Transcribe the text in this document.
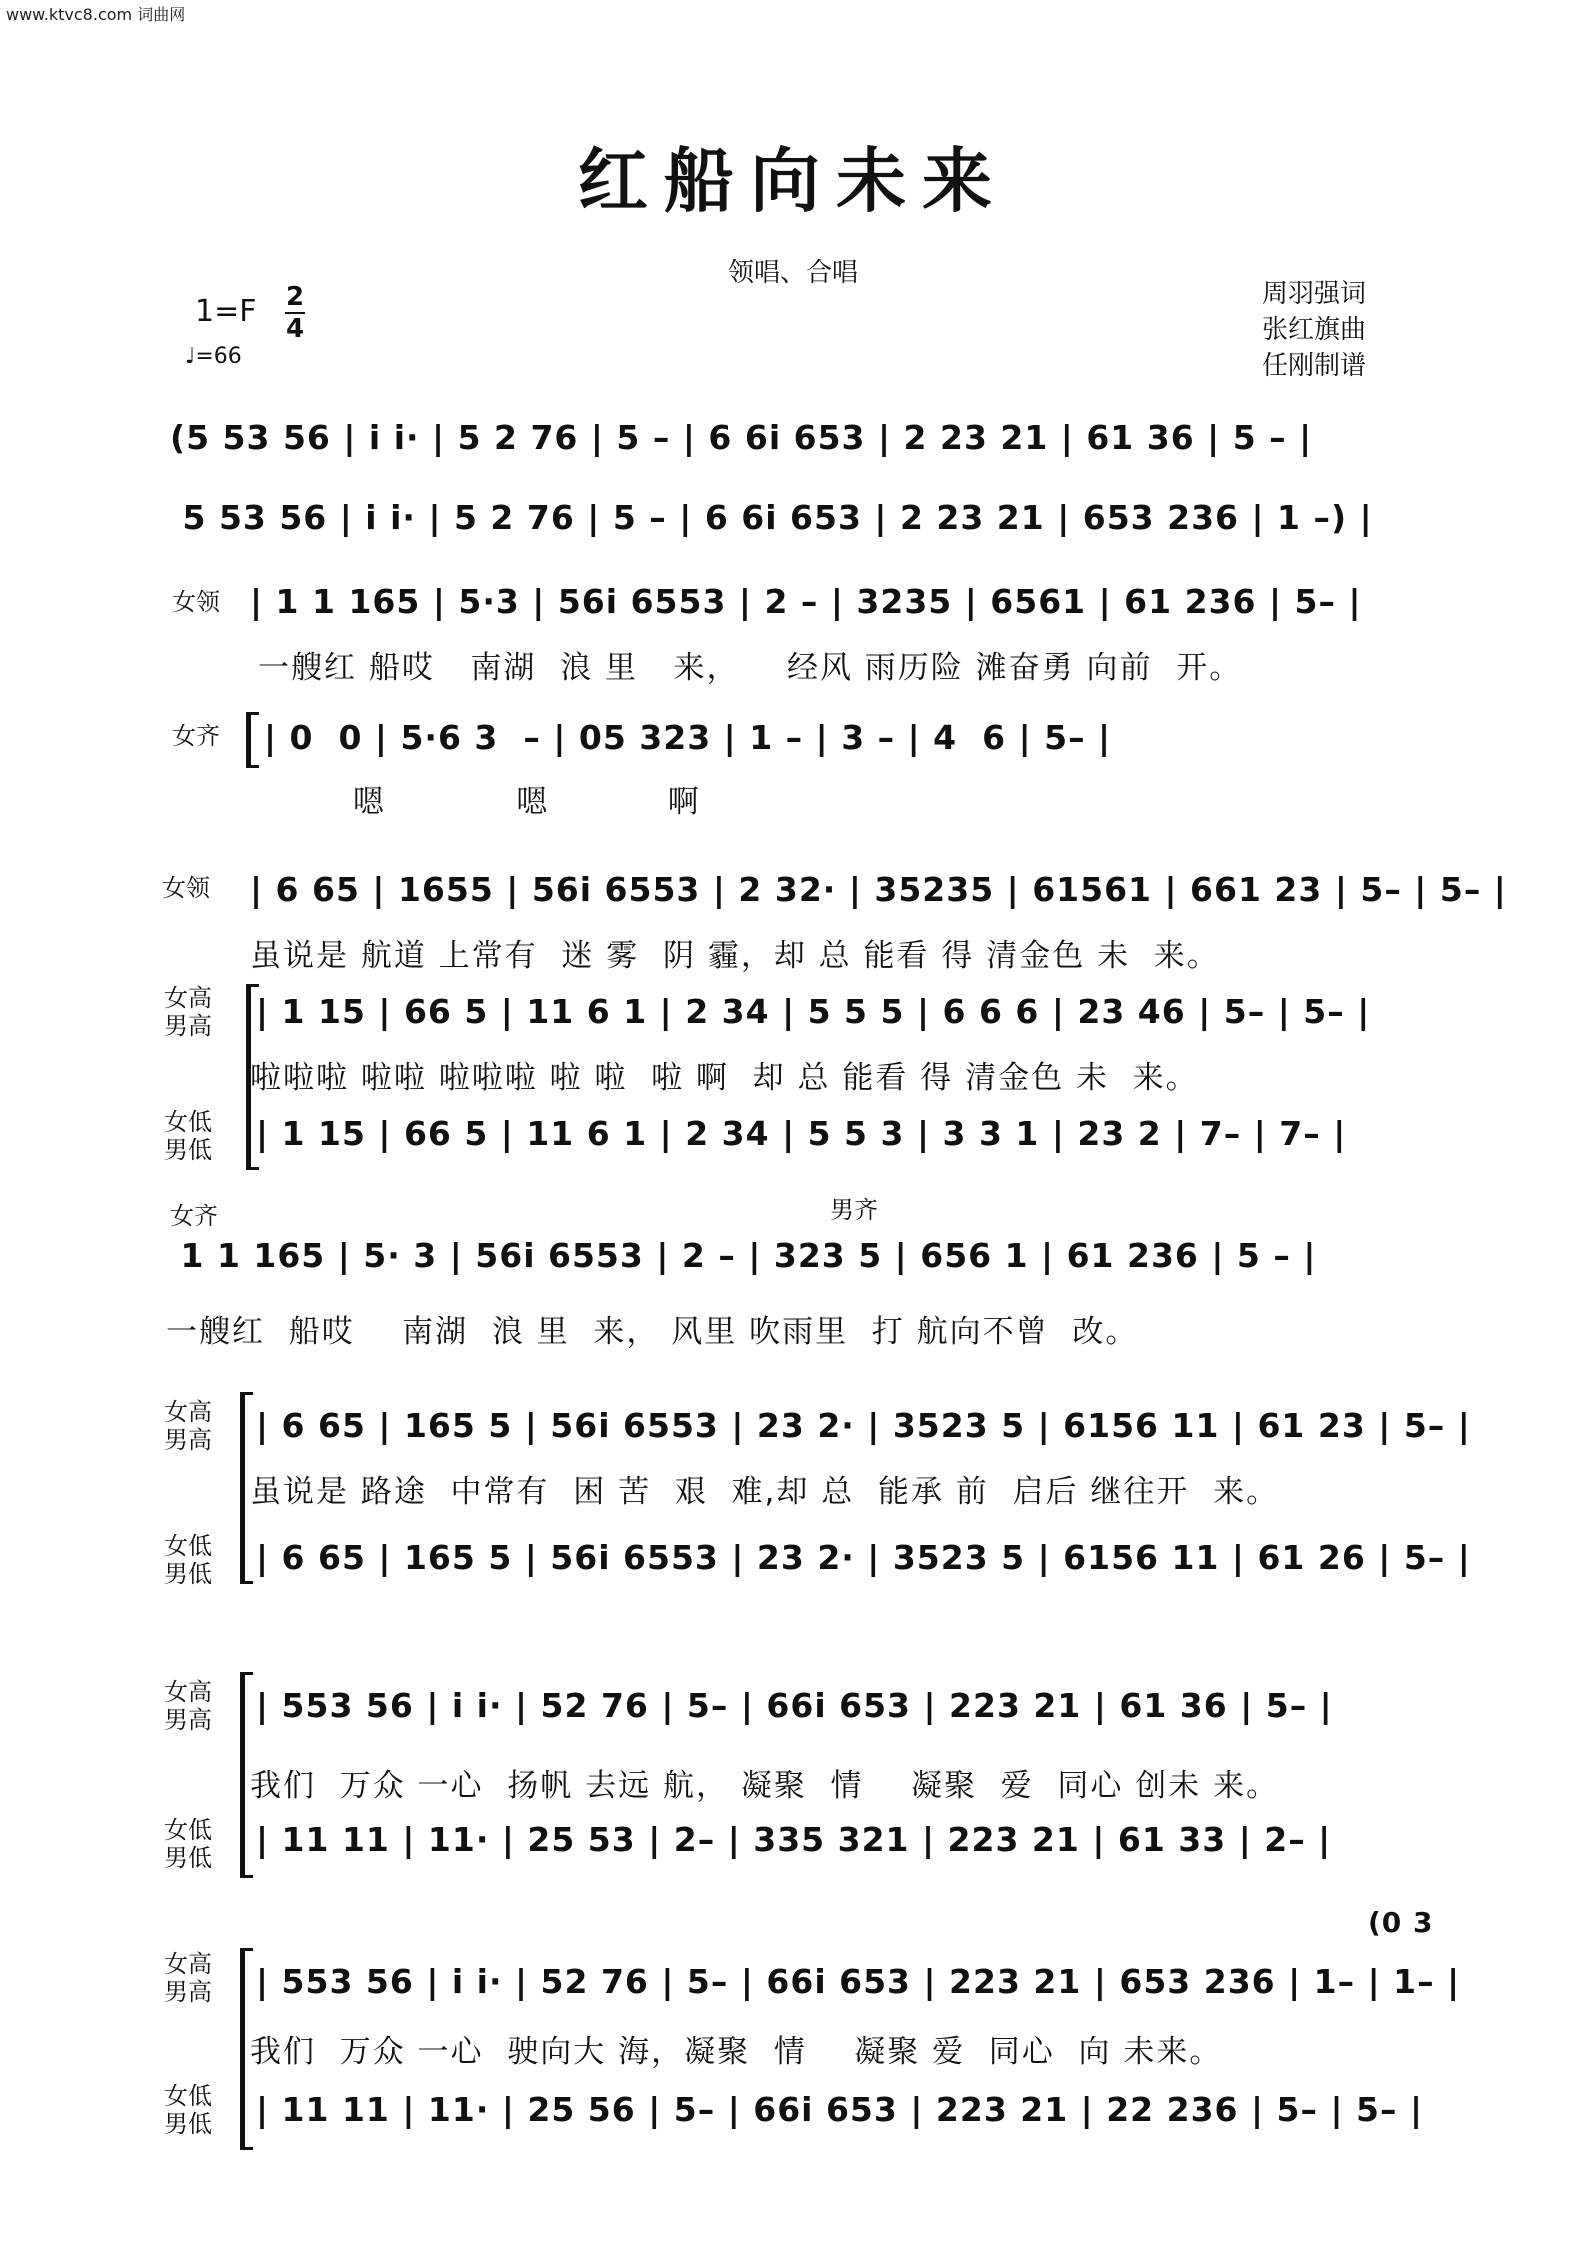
www.ktvc8.com 词曲网
红船向未来
领唱、合唱
周羽强词
张红旗曲
任刚制谱
1=F 2
4
♩=66
(5 53 56 | i i· | 5 2 76 | 5 – | 6 6i 653 | 2 23 21 | 61 36 | 5 – |
5 53 56 | i i· | 5 2 76 | 5 – | 6 6i 653 | 2 23 21 | 653 236 | 1 –) |
女领 | 1 1 165 | 5·3 | 56i 6553 | 2 – | 3235 | 6561 | 61 236 | 5– |
一艘红 船哎   南湖  浪 里   来，    经风 雨历险 滩奋勇 向前  开。
女齐 | 0  0 | 5·6 3  – | 05 323 | 1 – | 3 – | 4  6 | 5– |
嗯           嗯          啊
女领 | 6 65 | 1655 | 56i 6553 | 2 32· | 35235 | 61561 | 661 23 | 5– | 5– |
虽说是 航道 上常有  迷 雾  阴 霾，却 总 能看 得 清金色 未  来。
女高
男高 | 1 15 | 66 5 | 11 6 1 | 2 34 | 5 5 5 | 6 6 6 | 23 46 | 5– | 5– |
啦啦啦 啦啦 啦啦啦 啦 啦  啦 啊  却 总 能看 得 清金色 未  来。
女低
男低 | 1 15 | 66 5 | 11 6 1 | 2 34 | 5 5 3 | 3 3 1 | 23 2 | 7– | 7– |
女齐	男齐
1 1 165 | 5· 3 | 56i 6553 | 2 – | 323 5 | 656 1 | 61 236 | 5 – |
一艘红  船哎    南湖  浪 里  来， 风里 吹雨里  打 航向不曾  改。
女高
男高 | 6 65 | 165 5 | 56i 6553 | 23 2· | 3523 5 | 6156 11 | 61 23 | 5– |
虽说是 路途  中常有  困 苦  艰  难,却 总  能承 前  启后 继往开  来。
女低
男低 | 6 65 | 165 5 | 56i 6553 | 23 2· | 3523 5 | 6156 11 | 61 26 | 5– |
女高
男高 | 553 56 | i i· | 52 76 | 5– | 66i 653 | 223 21 | 61 36 | 5– |
我们  万众 一心  扬帆 去远 航， 凝聚  情    凝聚  爱  同心 创未 来。
女低
男低 | 11 11 | 11· | 25 53 | 2– | 335 321 | 223 21 | 61 33 | 2– |
(0 3
女高
男高 | 553 56 | i i· | 52 76 | 5– | 66i 653 | 223 21 | 653 236 | 1– | 1– |
我们  万众 一心  驶向大 海，凝聚  情    凝聚 爱  同心  向 未来。
女低
男低 | 11 11 | 11· | 25 56 | 5– | 66i 653 | 223 21 | 22 236 | 5– | 5– |
